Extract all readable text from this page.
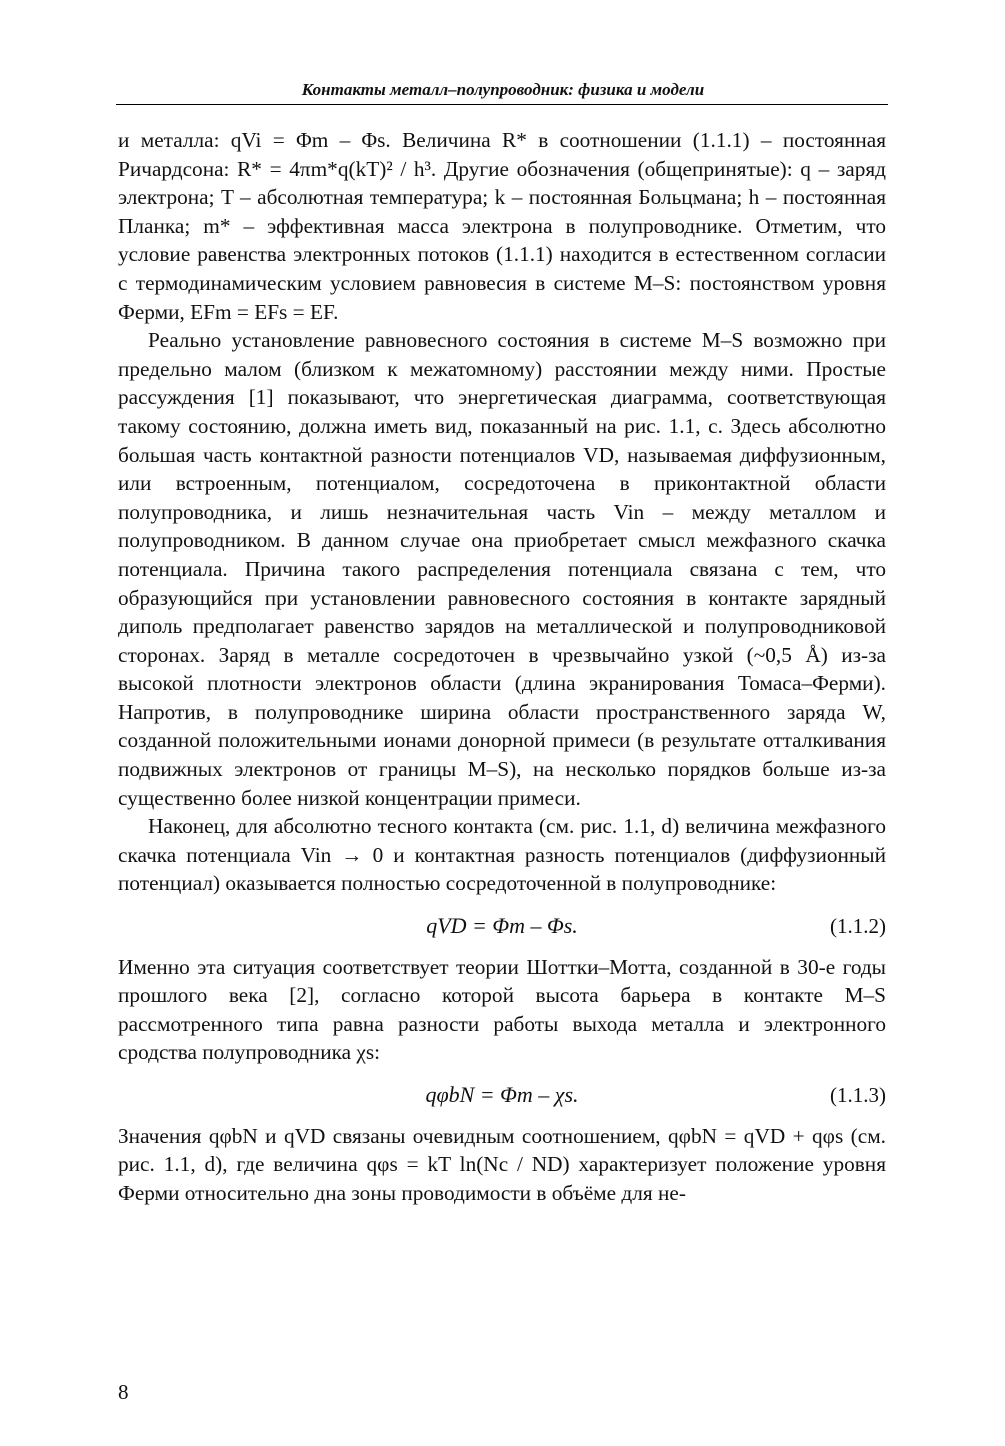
Контакты металл–полупроводник: физика и модели

и металла: qVi = Φm – Φs. Величина R* в соотношении (1.1.1) – постоянная Ричардсона: R* = 4πm*q(kT)² / h³. Другие обозначения (общепринятые): q – заряд электрона; T – абсолютная температура; k – постоянная Больцмана; h – постоянная Планка; m* – эффективная масса электрона в полупроводнике. Отметим, что условие равенства электронных потоков (1.1.1) находится в естественном согласии с термодинамическим условием равновесия в системе M–S: постоянством уровня Ферми, EFm = EFs = EF.

Реально установление равновесного состояния в системе M–S возможно при предельно малом (близком к межатомному) расстоянии между ними. Простые рассуждения [1] показывают, что энергетическая диаграмма, соответствующая такому состоянию, должна иметь вид, показанный на рис. 1.1, c. Здесь абсолютно большая часть контактной разности потенциалов VD, называемая диффузионным, или встроенным, потенциалом, сосредоточена в приконтактной области полупроводника, и лишь незначительная часть Vin – между металлом и полупроводником. В данном случае она приобретает смысл межфазного скачка потенциала. Причина такого распределения потенциала связана с тем, что образующийся при установлении равновесного состояния в контакте зарядный диполь предполагает равенство зарядов на металлической и полупроводниковой сторонах. Заряд в металле сосредоточен в чрезвычайно узкой (~0,5 Å) из-за высокой плотности электронов области (длина экранирования Томаса–Ферми). Напротив, в полупроводнике ширина области пространственного заряда W, созданной положительными ионами донорной примеси (в результате отталкивания подвижных электронов от границы M–S), на несколько порядков больше из-за существенно более низкой концентрации примеси.

Наконец, для абсолютно тесного контакта (см. рис. 1.1, d) величина межфазного скачка потенциала Vin → 0 и контактная разность потенциалов (диффузионный потенциал) оказывается полностью сосредоточенной в полупроводнике:

qVD = Φm – Φs.	(1.1.2)

Именно эта ситуация соответствует теории Шоттки–Мотта, созданной в 30-е годы прошлого века [2], согласно которой высота барьера в контакте M–S рассмотренного типа равна разности работы выхода металла и электронного сродства полупроводника χs:

qφbN = Φm – χs.	(1.1.3)

Значения qφbN и qVD связаны очевидным соотношением, qφbN = qVD + qφs (см. рис. 1.1, d), где величина qφs = kT ln(Nc / ND) характеризует положение уровня Ферми относительно дна зоны проводимости в объёме для не-

8
